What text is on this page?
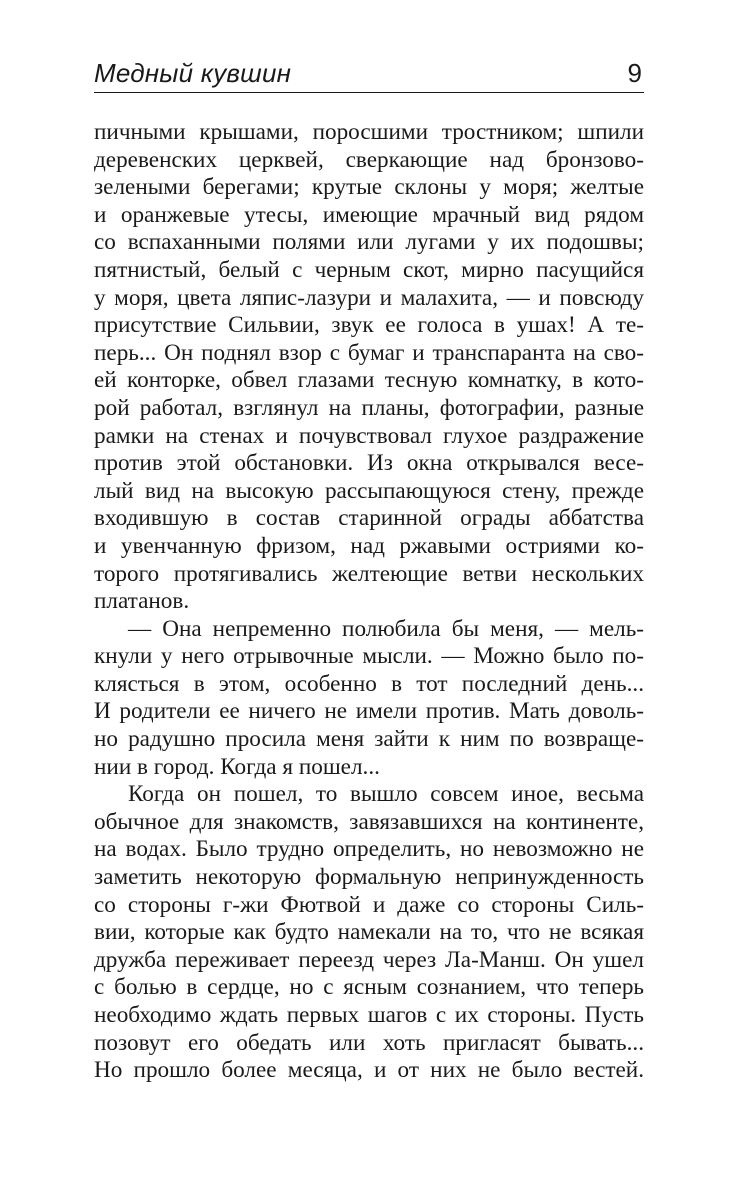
Медный кувшин	9
пичными крышами, поросшими тростником; шпили
деревенских церквей, сверкающие над бронзово-
зелеными берегами; крутые склоны у моря; желтые
и оранжевые утесы, имеющие мрачный вид рядом
со вспаханными полями или лугами у их подошвы;
пятнистый, белый с черным скот, мирно пасущийся
у моря, цвета ляпис-лазури и малахита, — и повсюду
присутствие Сильвии, звук ее голоса в ушах! А те-
перь... Он поднял взор с бумаг и транспаранта на сво-
ей конторке, обвел глазами тесную комнатку, в кото-
рой работал, взглянул на планы, фотографии, разные
рамки на стенах и почувствовал глухое раздражение
против этой обстановки. Из окна открывался весе-
лый вид на высокую рассыпающуюся стену, прежде
входившую в состав старинной ограды аббатства
и увенчанную фризом, над ржавыми остриями ко-
торого протягивались желтеющие ветви нескольких
платанов.
— Она непременно полюбила бы меня, — мель-
кнули у него отрывочные мысли. — Можно было по-
клясться в этом, особенно в тот последний день...
И родители ее ничего не имели против. Мать доволь-
но радушно просила меня зайти к ним по возвраще-
нии в город. Когда я пошел...
Когда он пошел, то вышло совсем иное, весьма
обычное для знакомств, завязавшихся на континенте,
на водах. Было трудно определить, но невозможно не
заметить некоторую формальную непринужденность
со стороны г-жи Фютвой и даже со стороны Силь-
вии, которые как будто намекали на то, что не всякая
дружба переживает переезд через Ла-Манш. Он ушел
с болью в сердце, но с ясным сознанием, что теперь
необходимо ждать первых шагов с их стороны. Пусть
позовут его обедать или хоть пригласят бывать...
Но прошло более месяца, и от них не было вестей.
